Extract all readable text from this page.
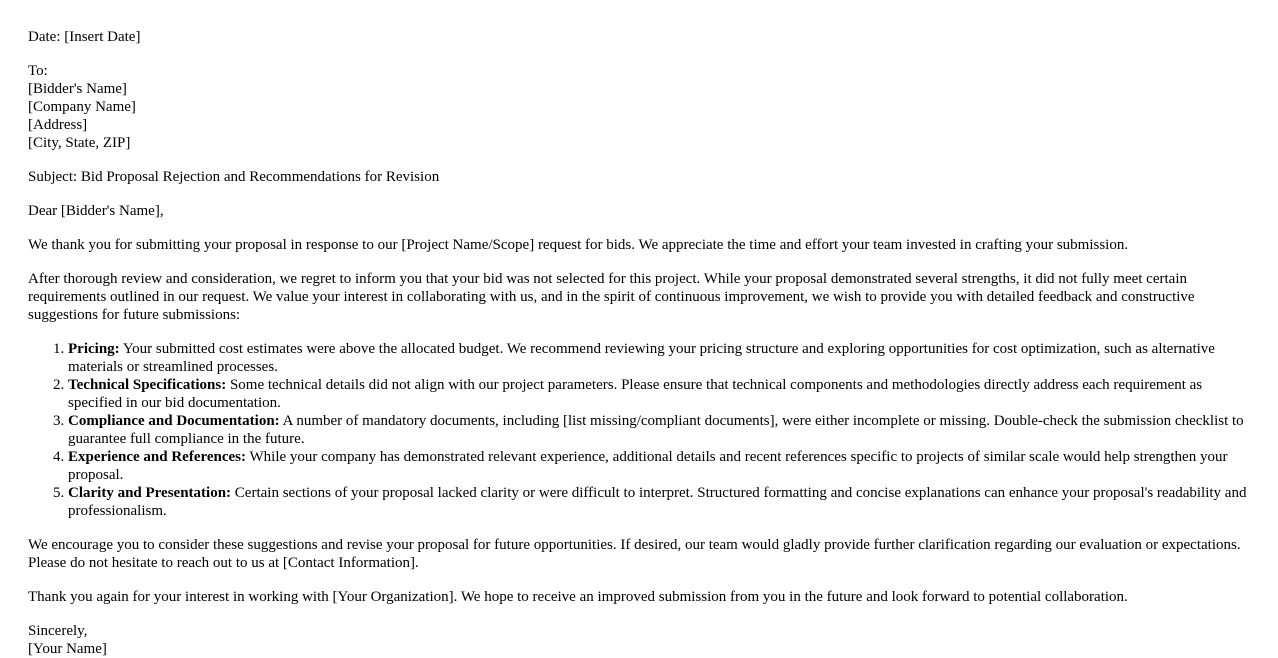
Date: [Insert Date]

To:
[Bidder's Name]
[Company Name]
[Address]
[City, State, ZIP]

Subject: Bid Proposal Rejection and Recommendations for Revision

Dear [Bidder's Name],

We thank you for submitting your proposal in response to our [Project Name/Scope] request for bids. We appreciate the time and effort your team invested in crafting your submission.

After thorough review and consideration, we regret to inform you that your bid was not selected for this project. While your proposal demonstrated several strengths, it did not fully meet certain requirements outlined in our request. We value your interest in collaborating with us, and in the spirit of continuous improvement, we wish to provide you with detailed feedback and constructive suggestions for future submissions:

1. Pricing: Your submitted cost estimates were above the allocated budget. We recommend reviewing your pricing structure and exploring opportunities for cost optimization, such as alternative materials or streamlined processes.
2. Technical Specifications: Some technical details did not align with our project parameters. Please ensure that technical components and methodologies directly address each requirement as specified in our bid documentation.
3. Compliance and Documentation: A number of mandatory documents, including [list missing/compliant documents], were either incomplete or missing. Double-check the submission checklist to guarantee full compliance in the future.
4. Experience and References: While your company has demonstrated relevant experience, additional details and recent references specific to projects of similar scale would help strengthen your proposal.
5. Clarity and Presentation: Certain sections of your proposal lacked clarity or were difficult to interpret. Structured formatting and concise explanations can enhance your proposal's readability and professionalism.

We encourage you to consider these suggestions and revise your proposal for future opportunities. If desired, our team would gladly provide further clarification regarding our evaluation or expectations. Please do not hesitate to reach out to us at [Contact Information].

Thank you again for your interest in working with [Your Organization]. We hope to receive an improved submission from you in the future and look forward to potential collaboration.

Sincerely,
[Your Name]
